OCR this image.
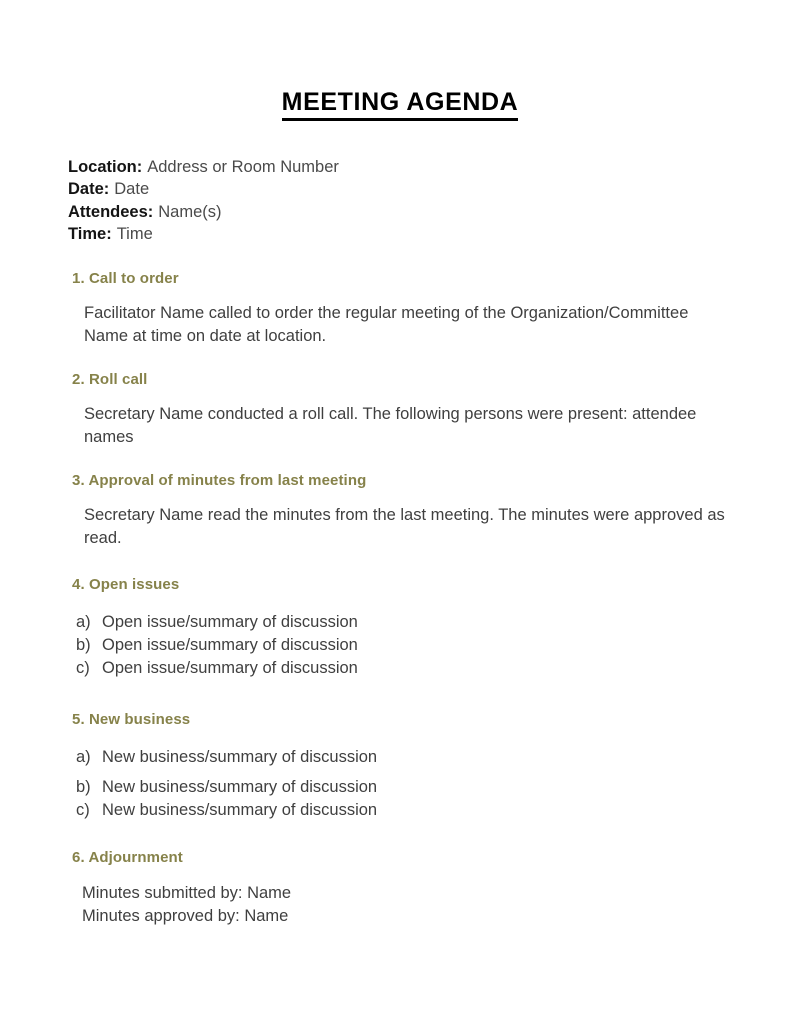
MEETING AGENDA
Location: Address or Room Number
Date: Date
Attendees: Name(s)
Time: Time
1. Call to order
Facilitator Name called to order the regular meeting of the Organization/Committee Name at time on date at location.
2. Roll call
Secretary Name conducted a roll call. The following persons were present: attendee names
3. Approval of minutes from last meeting
Secretary Name read the minutes from the last meeting. The minutes were approved as read.
4. Open issues
a) Open issue/summary of discussion
b) Open issue/summary of discussion
c) Open issue/summary of discussion
5. New business
a) New business/summary of discussion
b) New business/summary of discussion
c) New business/summary of discussion
6. Adjournment
Minutes submitted by: Name
Minutes approved by: Name
